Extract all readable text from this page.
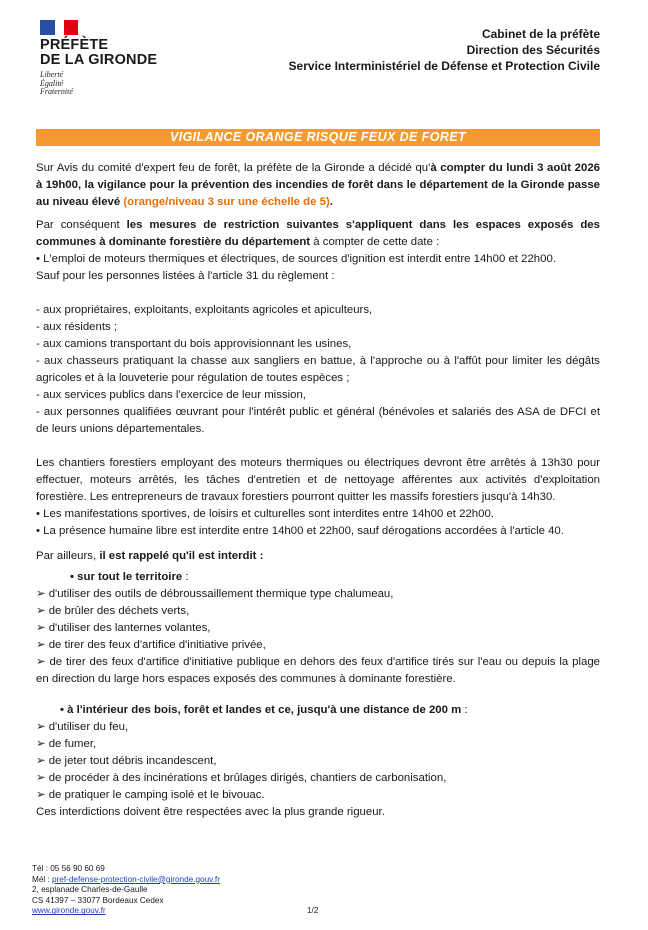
PRÉFÈTE
DE LA GIRONDE
Liberté
Égalité
Fraternité
Cabinet de la préfète
Direction des Sécurités
Service Interministériel de Défense et Protection Civile
VIGILANCE ORANGE RISQUE FEUX DE FORET

Sur Avis du comité d'expert feu de forêt, la préfète de la Gironde a décidé qu'à compter du lundi 3 août 2026 à 19h00, la vigilance pour la prévention des incendies de forêt dans le département de la Gironde passe au niveau élevé (orange/niveau 3 sur une échelle de 5).

Par conséquent les mesures de restriction suivantes s'appliquent dans les espaces exposés des communes à dominante forestière du département à compter de cette date :

• L'emploi de moteurs thermiques et électriques, de sources d'ignition est interdit entre 14h00 et 22h00.

Sauf pour les personnes listées à l'article 31 du règlement :

- aux propriétaires, exploitants, exploitants agricoles et apiculteurs,

- aux résidents ;

- aux camions transportant du bois approvisionnant les usines,

- aux chasseurs pratiquant la chasse aux sangliers en battue, à l'approche ou à l'affût pour limiter les dégâts agricoles et à la louveterie pour régulation de toutes espèces ;

- aux services publics dans l'exercice de leur mission,

- aux personnes qualifiées œuvrant pour l'intérêt public et général (bénévoles et salariés des ASA de DFCI et de leurs unions départementales.

Les chantiers forestiers employant des moteurs thermiques ou électriques devront être arrêtés à 13h30 pour effectuer, moteurs arrêtés, les tâches d'entretien et de nettoyage afférentes aux activités d'exploitation forestière. Les entrepreneurs de travaux forestiers pourront quitter les massifs forestiers jusqu'à 14h30.

• Les manifestations sportives, de loisirs et culturelles sont interdites entre 14h00 et 22h00.

• La présence humaine libre est interdite entre 14h00 et 22h00, sauf dérogations accordées à l'article 40.

Par ailleurs, il est rappelé qu'il est interdit :

• sur tout le territoire :

➢ d'utiliser des outils de débroussaillement thermique type chalumeau,

➢ de brûler des déchets verts,

➢ d'utiliser des lanternes volantes,

➢ de tirer des feux d'artifice d'initiative privée,

➢ de tirer des feux d'artifice d'initiative publique en dehors des feux d'artifice tirés sur l'eau ou depuis la plage en direction du large hors espaces exposés des communes à dominante forestière.

• à l'intérieur des bois, forêt et landes et ce, jusqu'à une distance de 200 m :

➢ d'utiliser du feu,

➢ de fumer,

➢ de jeter tout débris incandescent,

➢ de procéder à des incinérations et brûlages dirigés, chantiers de carbonisation,

➢ de pratiquer le camping isolé et le bivouac.

Ces interdictions doivent être respectées avec la plus grande rigueur.

Tél : 05 56 90 60 69
Mél : pref-defense-protection-civile@gironde.gouv.fr
2, esplanade Charles-de-Gaulle
CS 41397 – 33077 Bordeaux Cedex
www.gironde.gouv.fr	1/2
